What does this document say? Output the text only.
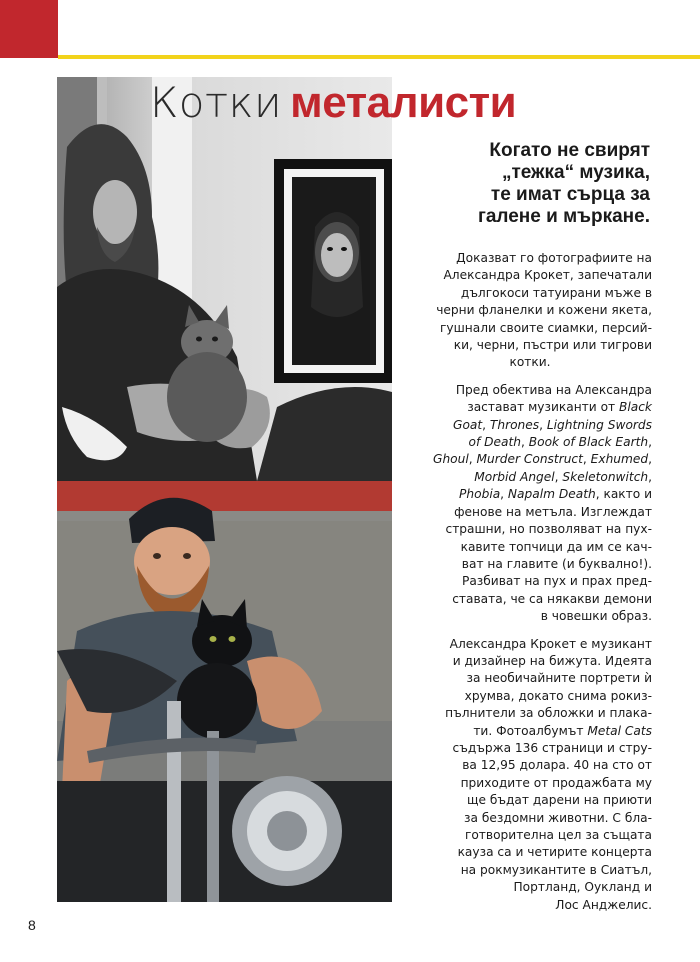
Котки металисти
Когато не свирят
„тежка“ музика,
те имат сърца за
галене и мъркане.
Доказват го фотографиите на
Александра Крокет, запечатали
дългокоси татуирани мъже в
черни фланелки и кожени якета,
гушнали своите сиамки, персий-
ки, черни, пъстри или тигрови
котки.
Пред обектива на Александра
застават музиканти от Black
Goat, Thrones, Lightning Swords
of Death, Book of Black Earth,
Ghoul, Murder Construct, Exhumed,
Morbid Angel, Skeletonwitch,
Phobia, Napalm Death, както и
фенове на метъла. Изглеждат
страшни, но позволяват на пух-
кавите топчици да им се кач-
ват на главите (и буквално!).
Разбиват на пух и прах пред-
ставата, че са някакви демони
в човешки образ.
Александра Крокет е музикант
и дизайнер на бижута. Идеята
за необичайните портрети ѝ
хрумва, докато снима рокиз-
пълнители за обложки и плака-
ти. Фотоалбумът Metal Cats
съдържа 136 страници и стру-
ва 12,95 долара. 40 на сто от
приходите от продажбата му
ще бъдат дарени на приюти
за бездомни животни. С бла-
готворителна цел за същата
кауза са и четирите концерта
на рокмузикантите в Сиатъл,
Портланд, Оукланд и
Лос Анджелис.
8
